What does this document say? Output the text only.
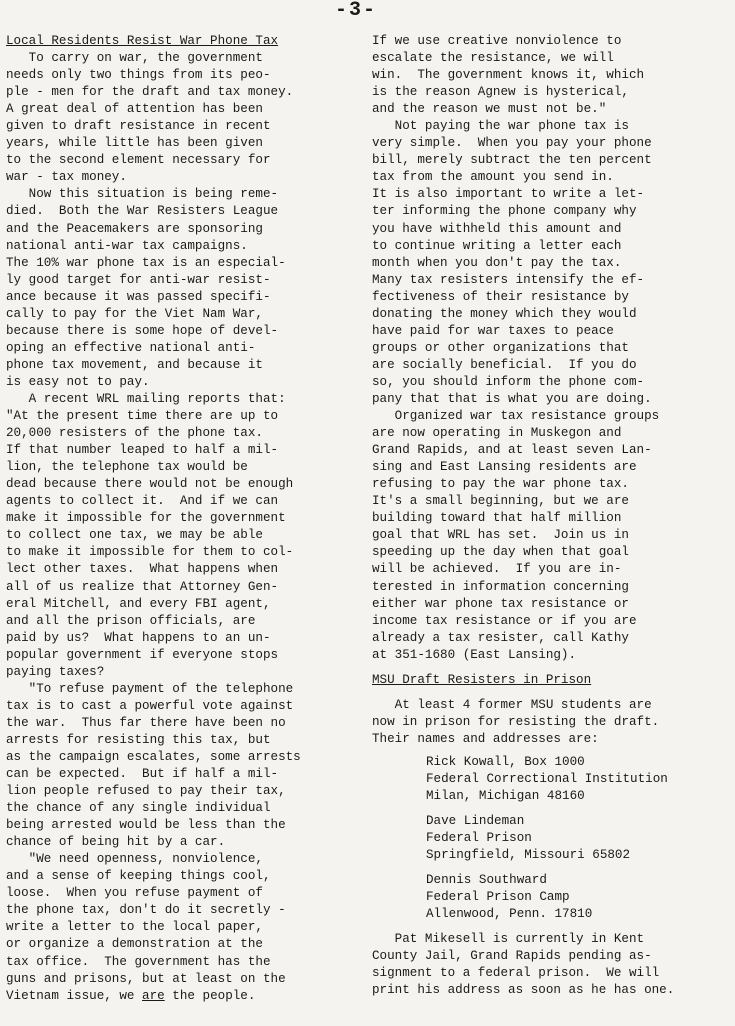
-3-
Local Residents Resist War Phone Tax
To carry on war, the government
needs only two things from its peo-
ple - men for the draft and tax money.
A great deal of attention has been
given to draft resistance in recent
years, while little has been given
to the second element necessary for
war - tax money.
Now this situation is being reme-
died.  Both the War Resisters League
and the Peacemakers are sponsoring
national anti-war tax campaigns.
The 10% war phone tax is an especial-
ly good target for anti-war resist-
ance because it was passed specifi-
cally to pay for the Viet Nam War,
because there is some hope of devel-
oping an effective national anti-
phone tax movement, and because it
is easy not to pay.
A recent WRL mailing reports that:
"At the present time there are up to
20,000 resisters of the phone tax.
If that number leaped to half a mil-
lion, the telephone tax would be
dead because there would not be enough
agents to collect it.  And if we can
make it impossible for the government
to collect one tax, we may be able
to make it impossible for them to col-
lect other taxes.  What happens when
all of us realize that Attorney Gen-
eral Mitchell, and every FBI agent,
and all the prison officials, are
paid by us?  What happens to an un-
popular government if everyone stops
paying taxes?
"To refuse payment of the telephone
tax is to cast a powerful vote against
the war.  Thus far there have been no
arrests for resisting this tax, but
as the campaign escalates, some arrests
can be expected.  But if half a mil-
lion people refused to pay their tax,
the chance of any single individual
being arrested would be less than the
chance of being hit by a car.
"We need openness, nonviolence,
and a sense of keeping things cool,
loose.  When you refuse payment of
the phone tax, don't do it secretly -
write a letter to the local paper,
or organize a demonstration at the
tax office.  The government has the
guns and prisons, but at least on the
Vietnam issue, we are the people.
If we use creative nonviolence to
escalate the resistance, we will
win.  The government knows it, which
is the reason Agnew is hysterical,
and the reason we must not be."
Not paying the war phone tax is
very simple.  When you pay your phone
bill, merely subtract the ten percent
tax from the amount you send in.
It is also important to write a let-
ter informing the phone company why
you have withheld this amount and
to continue writing a letter each
month when you don't pay the tax.
Many tax resisters intensify the ef-
fectiveness of their resistance by
donating the money which they would
have paid for war taxes to peace
groups or other organizations that
are socially beneficial.  If you do
so, you should inform the phone com-
pany that that is what you are doing.
Organized war tax resistance groups
are now operating in Muskegon and
Grand Rapids, and at least seven Lan-
sing and East Lansing residents are
refusing to pay the war phone tax.
It's a small beginning, but we are
building toward that half million
goal that WRL has set.  Join us in
speeding up the day when that goal
will be achieved.  If you are in-
terested in information concerning
either war phone tax resistance or
income tax resistance or if you are
already a tax resister, call Kathy
at 351-1680 (East Lansing).
MSU Draft Resisters in Prison
At least 4 former MSU students are
now in prison for resisting the draft.
Their names and addresses are:
Rick Kowall, Box 1000
Federal Correctional Institution
Milan, Michigan 48160
Dave Lindeman
Federal Prison
Springfield, Missouri 65802
Dennis Southward
Federal Prison Camp
Allenwood, Penn. 17810
Pat Mikesell is currently in Kent
County Jail, Grand Rapids pending as-
signment to a federal prison.  We will
print his address as soon as he has one.
